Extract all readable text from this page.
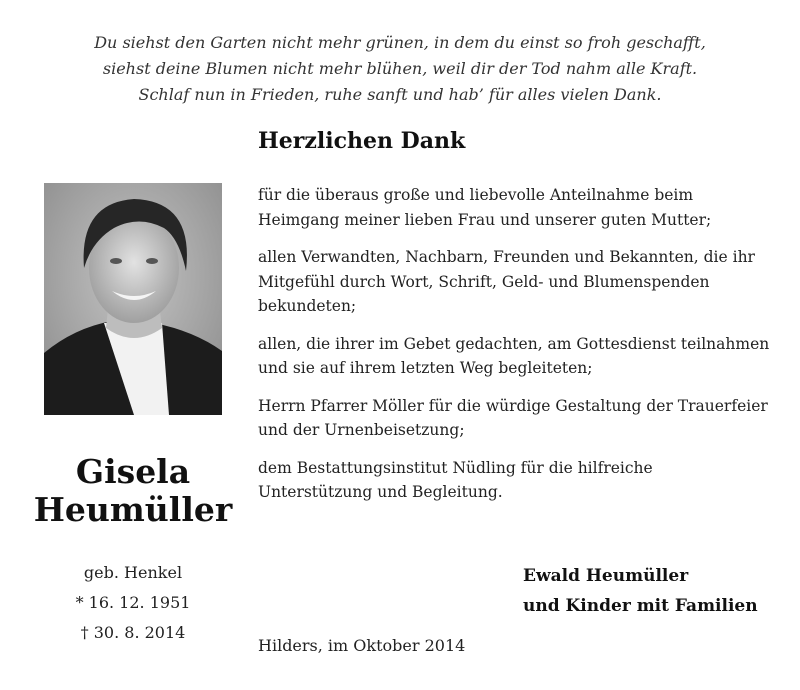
Du siehst den Garten nicht mehr grünen, in dem du einst so froh geschafft,
siehst deine Blumen nicht mehr blühen, weil dir der Tod nahm alle Kraft.
Schlaf nun in Frieden, ruhe sanft und hab’ für alles vielen Dank.
Herzlichen Dank
Gisela
Heumüller
geb. Henkel
* 16. 12. 1951
† 30. 8. 2014

für die überaus große und liebevolle Anteilnahme beim Heimgang meiner lieben Frau und unserer guten Mutter;

allen Verwandten, Nachbarn, Freunden und Bekannten, die ihr Mitgefühl durch Wort, Schrift, Geld- und Blumenspenden bekundeten;

allen, die ihrer im Gebet gedachten, am Gottesdienst teilnahmen und sie auf ihrem letzten Weg begleiteten;

Herrn Pfarrer Möller für die würdige Gestaltung der Trauerfeier und der Urnenbeisetzung;

dem Bestattungsinstitut Nüdling für die hilfreiche Unterstützung und Begleitung.

Ewald Heumüller
und Kinder mit Familien
Hilders, im Oktober 2014
